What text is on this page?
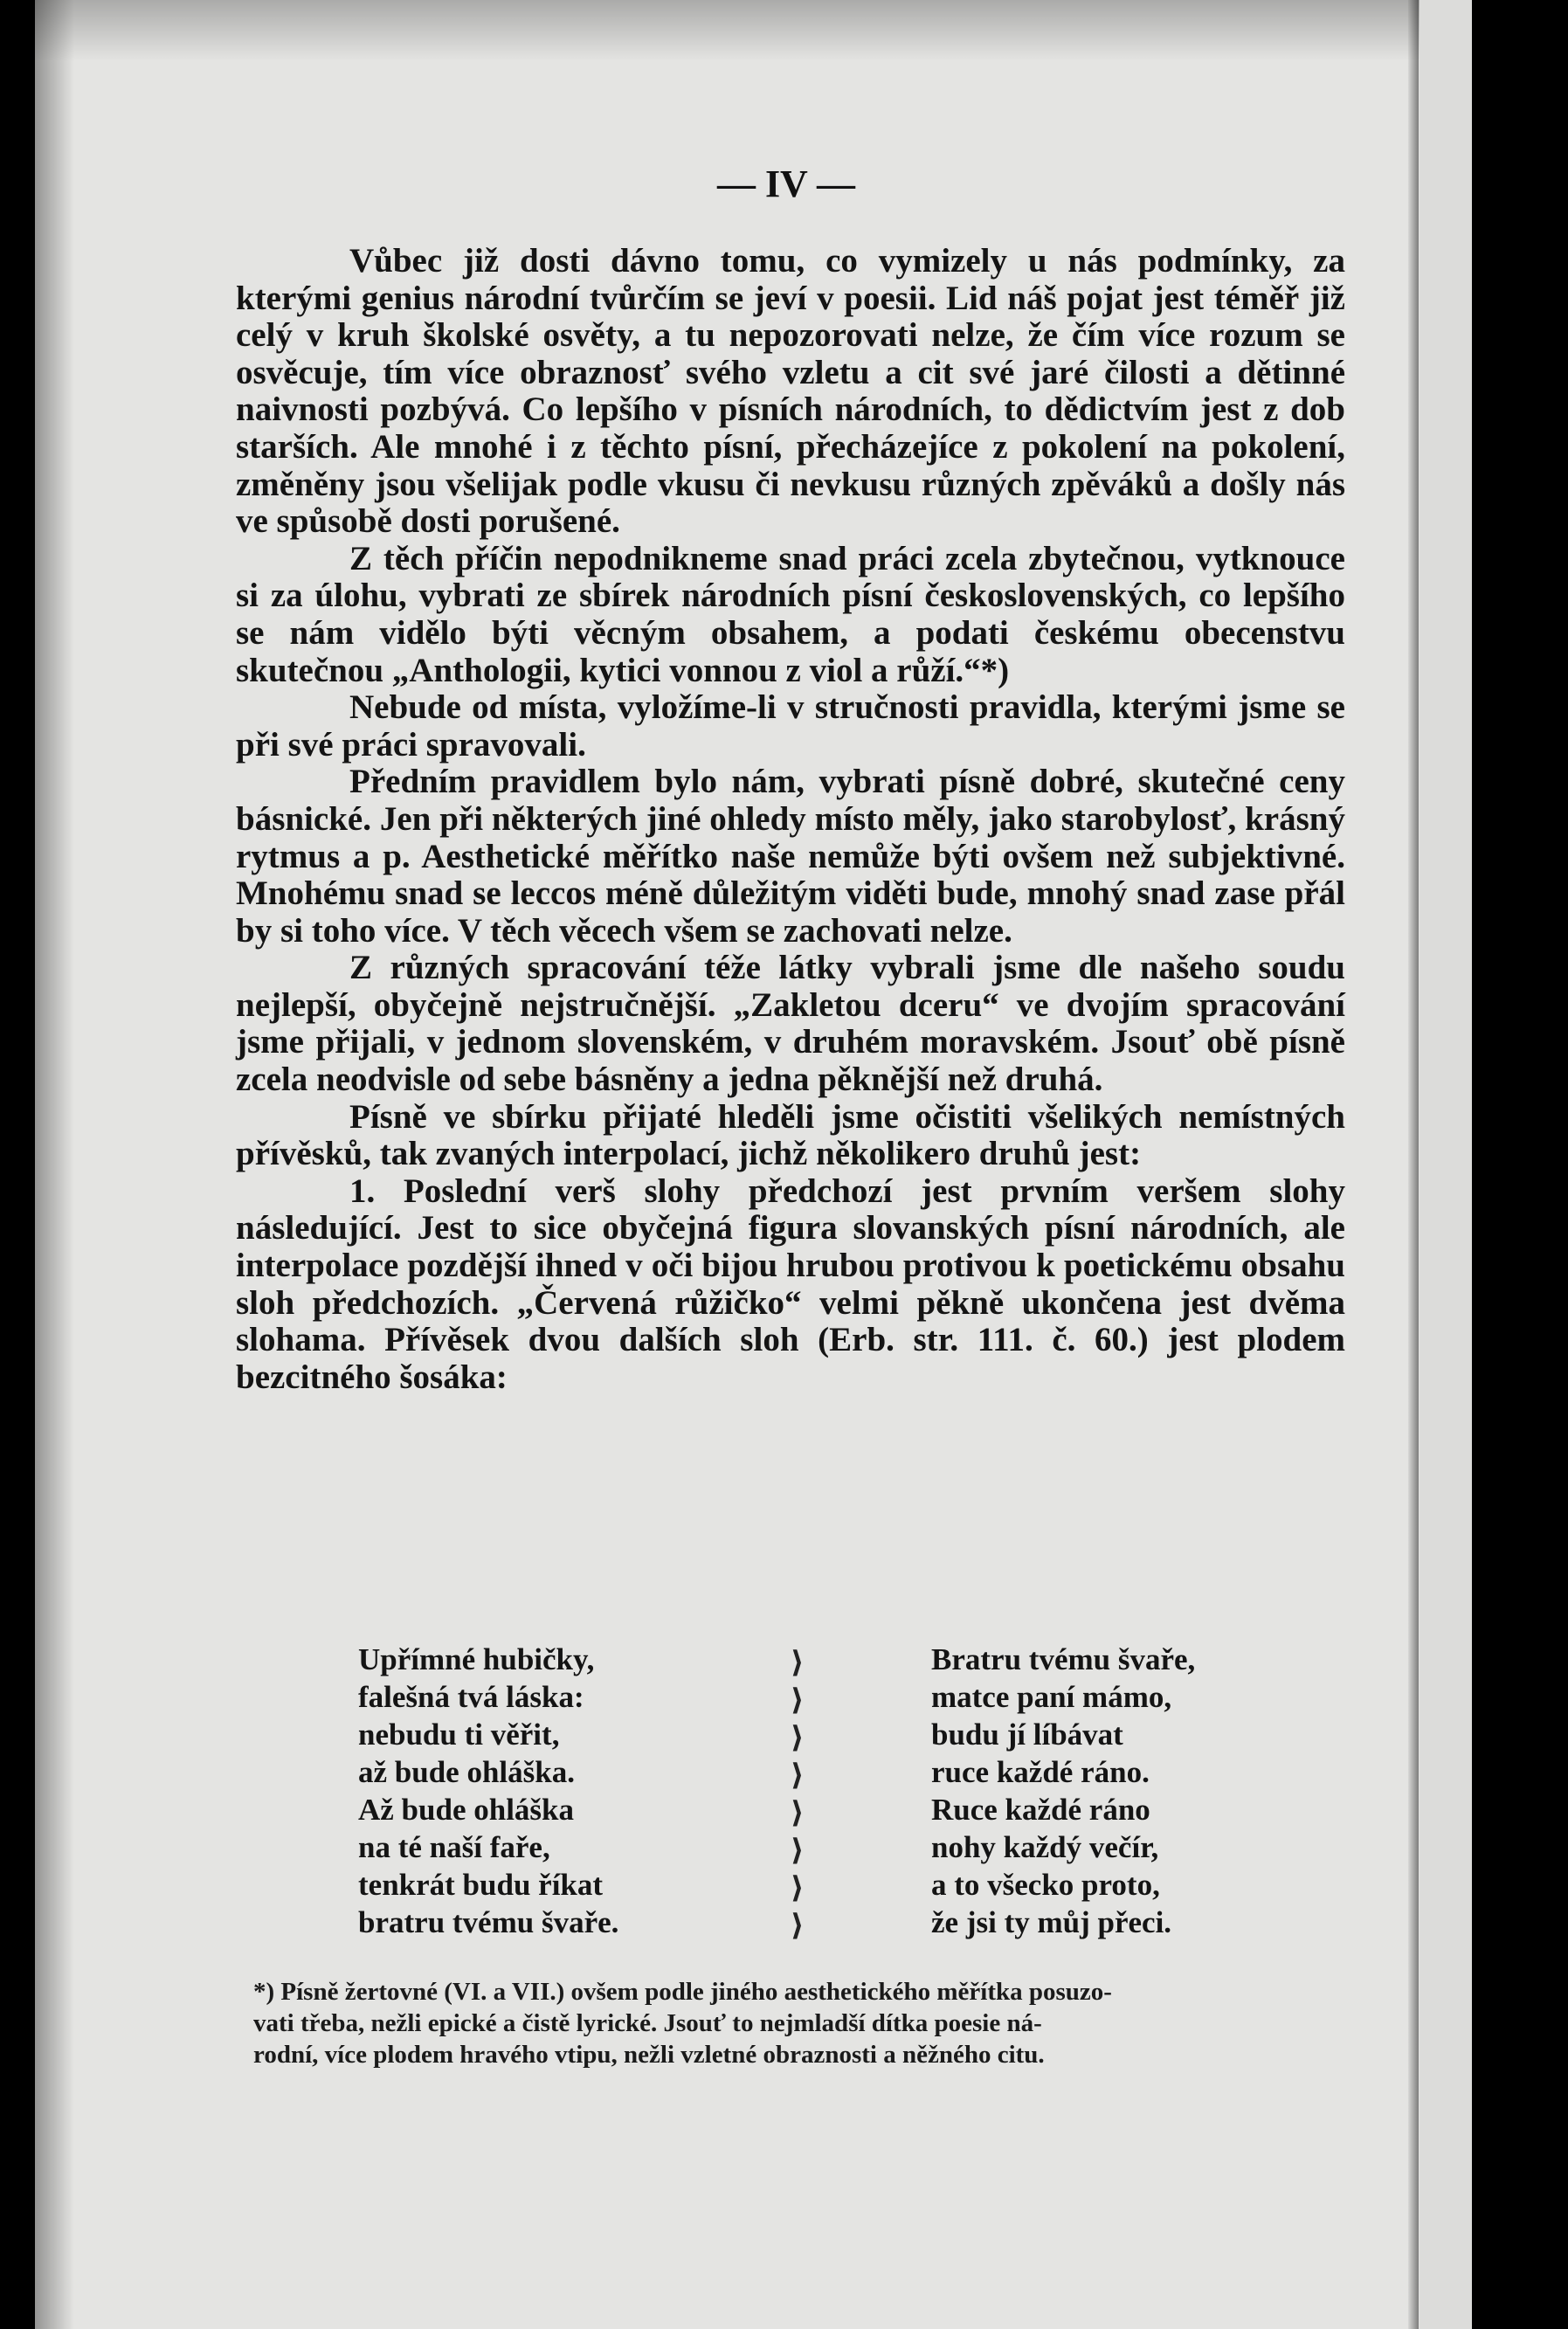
— IV —

Vůbec již dosti dávno tomu, co vymizely u nás podmínky, za kterými genius národní tvůrčím se jeví v poesii. Lid náš pojat jest téměř již celý v kruh školské osvěty, a tu nepozorovati nelze, že čím více rozum se osvěcuje, tím více obraznosť svého vzletu a cit své jaré čilosti a dětinné naivnosti pozbývá. Co lepšího v písních národních, to dědictvím jest z dob starších. Ale mnohé i z těchto písní, přecházejíce z pokolení na pokolení, změněny jsou všelijak podle vkusu či nevkusu různých zpěváků a došly nás ve spůsobě dosti porušené.

Z těch příčin nepodnikneme snad práci zcela zbytečnou, vytknouce si za úlohu, vybrati ze sbírek národních písní československých, co lepšího se nám vidělo býti věcným obsahem, a podati českému obecenstvu skutečnou „Anthologii, kytici vonnou z viol a růží.“*)

Nebude od místa, vyložíme-li v stručnosti pravidla, kterými jsme se při své práci spravovali.

Předním pravidlem bylo nám, vybrati písně dobré, skutečné ceny básnické. Jen při některých jiné ohledy místo měly, jako starobylosť, krásný rytmus a p. Aesthetické měřítko naše nemůže býti ovšem než subjektivné. Mnohému snad se leccos méně důležitým viděti bude, mnohý snad zase přál by si toho více. V těch věcech všem se zachovati nelze.

Z různých spracování téže látky vybrali jsme dle našeho soudu nejlepší, obyčejně nejstručnější. „Zakletou dceru“ ve dvojím spracování jsme přijali, v jednom slovenském, v druhém moravském. Jsouť obě písně zcela neodvisle od sebe básněny a jedna pěknější než druhá.

Písně ve sbírku přijaté hleděli jsme očistiti všelikých nemístných přívěsků, tak zvaných interpolací, jichž několikero druhů jest:

1. Poslední verš slohy předchozí jest prvním veršem slohy následující. Jest to sice obyčejná figura slovanských písní národních, ale interpolace pozdější ihned v oči bijou hrubou protivou k poetickému obsahu sloh předchozích. „Červená růžičko“ velmi pěkně ukončena jest dvěma slohama. Přívěsek dvou dalších sloh (Erb. str. 111. č. 60.) jest plodem bezcitného šosáka:

Upřímné hubičky,
falešná tvá láska:
nebudu ti věřit,
až bude ohláška.
Až bude ohláška
na té naší faře,
tenkrát budu říkat
bratru tvému švaře.
⟩
⟩
⟩
⟩
⟩
⟩
⟩
⟩
Bratru tvému švaře,
matce paní mámo,
budu jí líbávat
ruce každé ráno.
Ruce každé ráno
nohy každý večír,
a to všecko proto,
že jsi ty můj přeci.

*) Písně žertovné (VI. a VII.) ovšem podle jiného aesthetického měřítka posuzo-

vati třeba, nežli epické a čistě lyrické. Jsouť to nejmladší dítka poesie ná-

rodní, více plodem hravého vtipu, nežli vzletné obraznosti a něžného citu.
